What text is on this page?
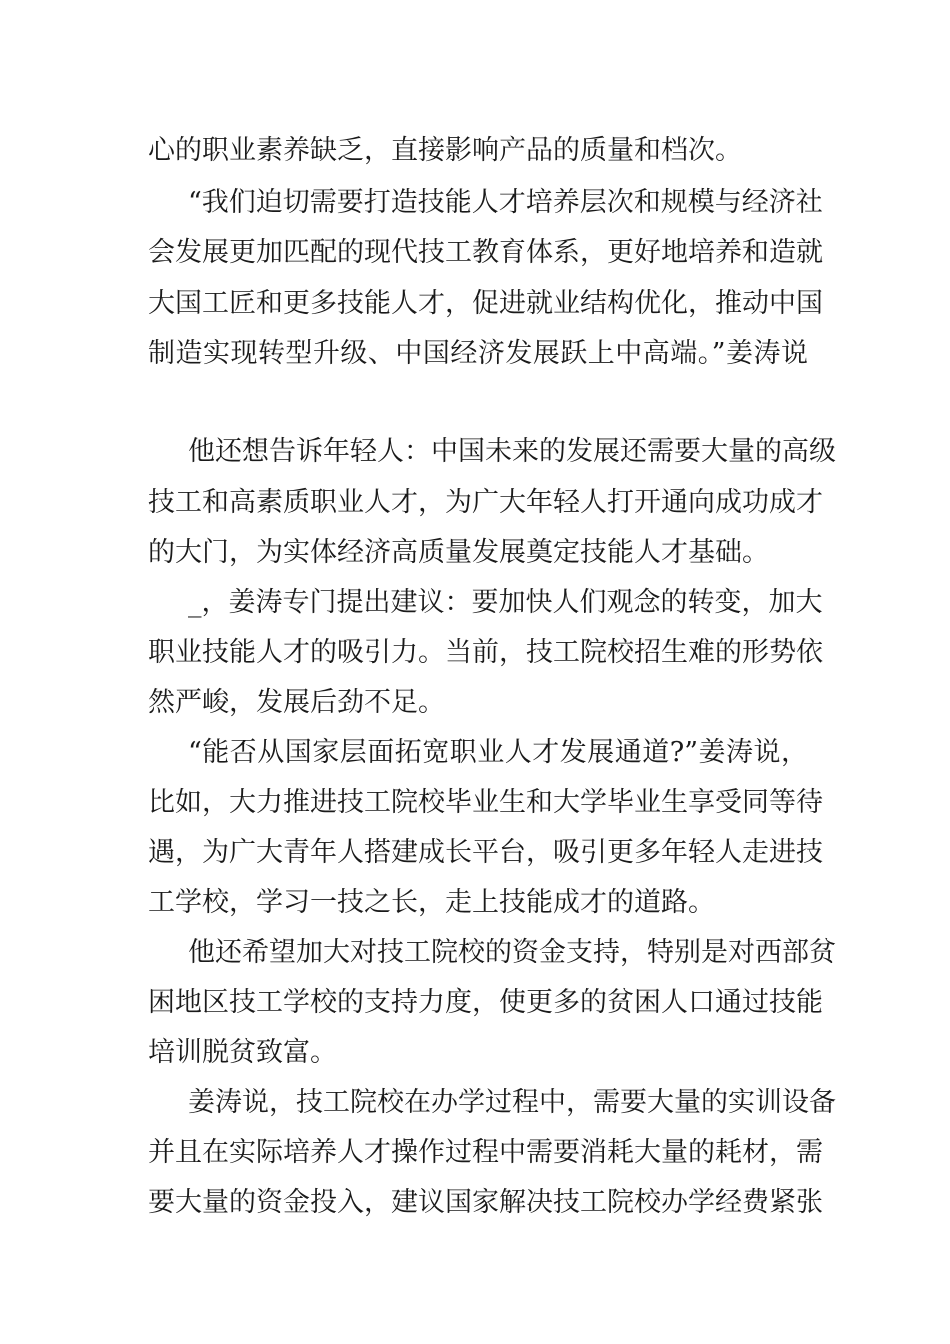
心的职业素养缺乏，直接影响产品的质量和档次。
“我们迫切需要打造技能人才培养层次和规模与经济社
会发展更加匹配的现代技工教育体系，更好地培养和造就
大国工匠和更多技能人才，促进就业结构优化，推动中国
制造实现转型升级、中国经济发展跃上中高端。”姜涛说
他还想告诉年轻人：中国未来的发展还需要大量的高级
技工和高素质职业人才，为广大年轻人打开通向成功成才
的大门，为实体经济高质量发展奠定技能人才基础。
_，姜涛专门提出建议：要加快人们观念的转变，加大
职业技能人才的吸引力。当前，技工院校招生难的形势依
然严峻，发展后劲不足。
“能否从国家层面拓宽职业人才发展通道?”姜涛说，
比如，大力推进技工院校毕业生和大学毕业生享受同等待
遇，为广大青年人搭建成长平台，吸引更多年轻人走进技
工学校，学习一技之长，走上技能成才的道路。
他还希望加大对技工院校的资金支持，特别是对西部贫
困地区技工学校的支持力度，使更多的贫困人口通过技能
培训脱贫致富。
姜涛说，技工院校在办学过程中，需要大量的实训设备
并且在实际培养人才操作过程中需要消耗大量的耗材，需
要大量的资金投入，建议国家解决技工院校办学经费紧张
